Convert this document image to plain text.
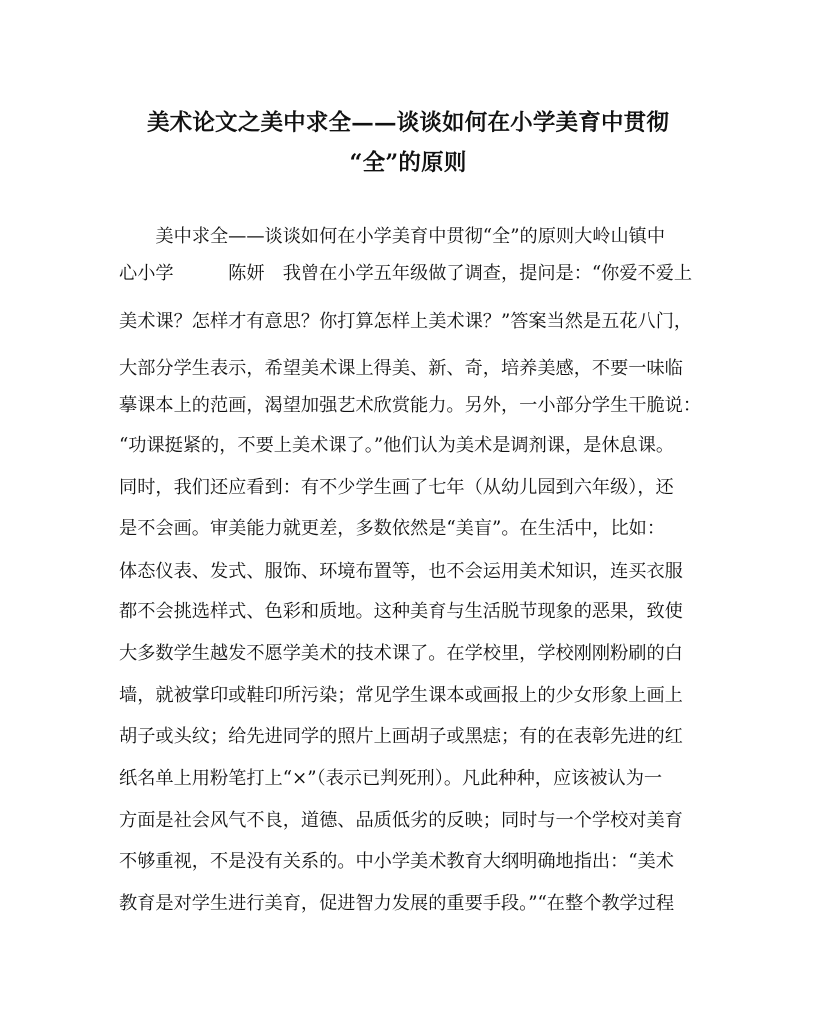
美术论文之美中求全——谈谈如何在小学美育中贯彻
“全”的原则
　　美中求全——谈谈如何在小学美育中贯彻“全”的原则大岭山镇中
心小学　　　陈妍　我曾在小学五年级做了调查，提问是：“你爱不爱上
美术课？怎样才有意思？你打算怎样上美术课？”答案当然是五花八门，
大部分学生表示，希望美术课上得美、新、奇，培养美感，不要一味临
摹课本上的范画，渴望加强艺术欣赏能力。另外，一小部分学生干脆说：
“功课挺紧的，不要上美术课了。”他们认为美术是调剂课，是休息课。
同时，我们还应看到：有不少学生画了七年（从幼儿园到六年级），还
是不会画。审美能力就更差，多数依然是“美盲”。在生活中，比如：
体态仪表、发式、服饰、环境布置等，也不会运用美术知识，连买衣服
都不会挑选样式、色彩和质地。这种美育与生活脱节现象的恶果，致使
大多数学生越发不愿学美术的技术课了。在学校里，学校刚刚粉刷的白
墙，就被掌印或鞋印所污染；常见学生课本或画报上的少女形象上画上
胡子或头纹；给先进同学的照片上画胡子或黑痣；有的在表彰先进的红
纸名单上用粉笔打上“×”（表示已判死刑）。凡此种种，应该被认为一
方面是社会风气不良，道德、品质低劣的反映；同时与一个学校对美育
不够重视，不是没有关系的。中小学美术教育大纲明确地指出：“美术
教育是对学生进行美育，促进智力发展的重要手段。”“在整个教学过程
